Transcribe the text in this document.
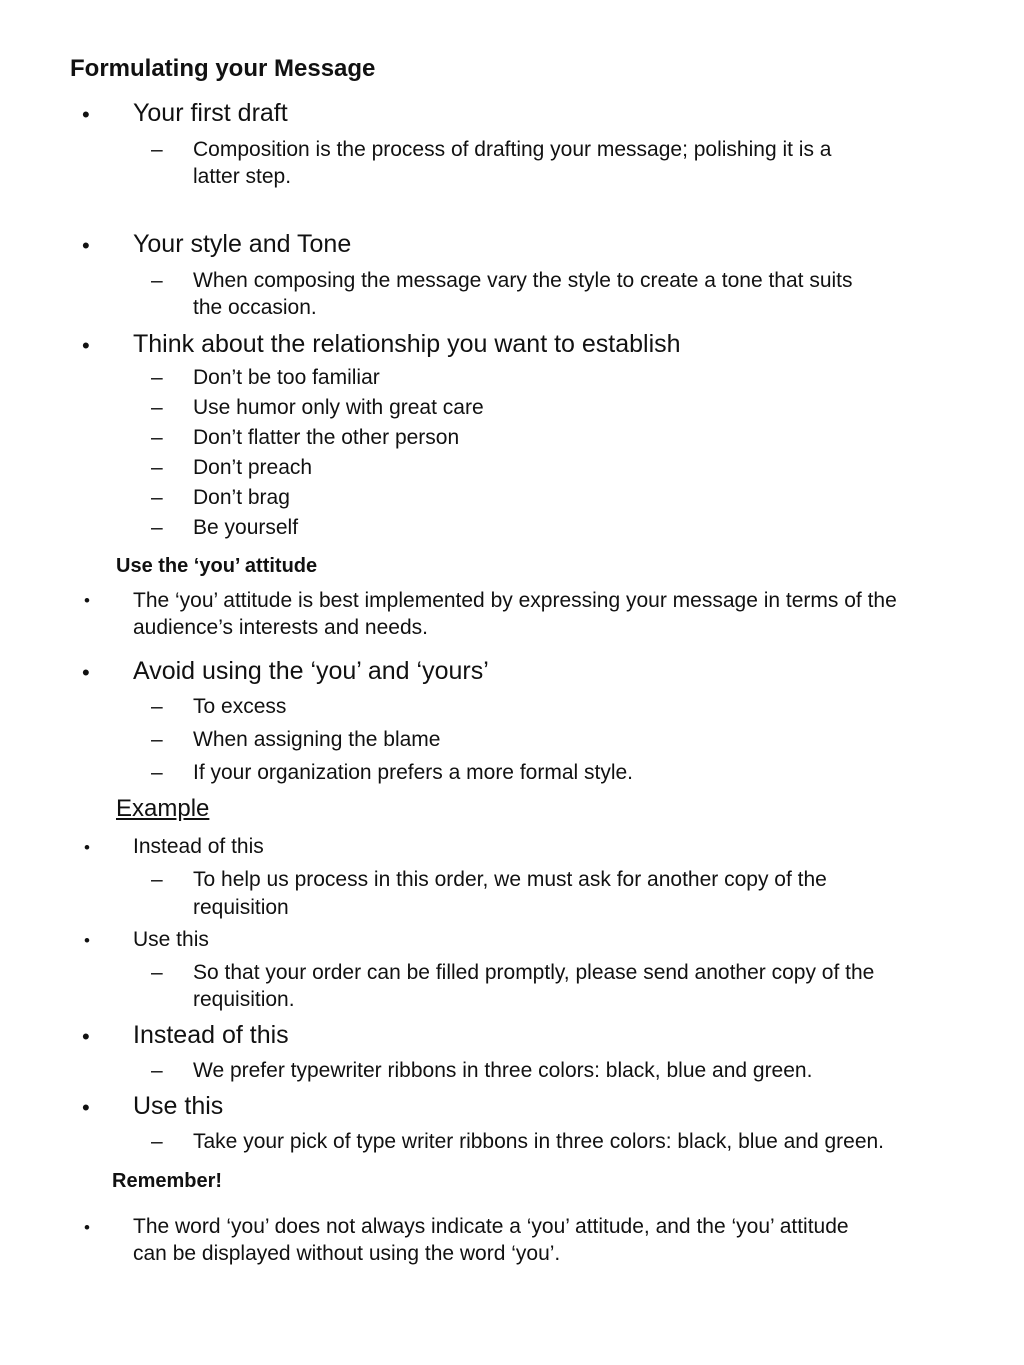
Formulating your Message
• Your first draft
– Composition is the process of drafting your message; polishing it is a
latter step.
• Your style and Tone
– When composing the message vary the style to create a tone that suits
the occasion.
• Think about the relationship you want to establish
– Don’t be too familiar
– Use humor only with great care
– Don’t flatter the other person
– Don’t preach
– Don’t brag
– Be yourself
Use the ‘you’ attitude
• The ‘you’ attitude is best implemented by expressing your message in terms of the
audience’s interests and needs.
• Avoid using the ‘you’ and ‘yours’
– To excess
– When assigning the blame
– If your organization prefers a more formal style.
Example
• Instead of this
– To help us process in this order, we must ask for another copy of the
requisition
• Use this
– So that your order can be filled promptly, please send another copy of the
requisition.
• Instead of this
– We prefer typewriter ribbons in three colors: black, blue and green.
• Use this
– Take your pick of type writer ribbons in three colors: black, blue and green.
Remember!
• The word ‘you’ does not always indicate a ‘you’ attitude, and the ‘you’ attitude
can be displayed without using the word ‘you’.
